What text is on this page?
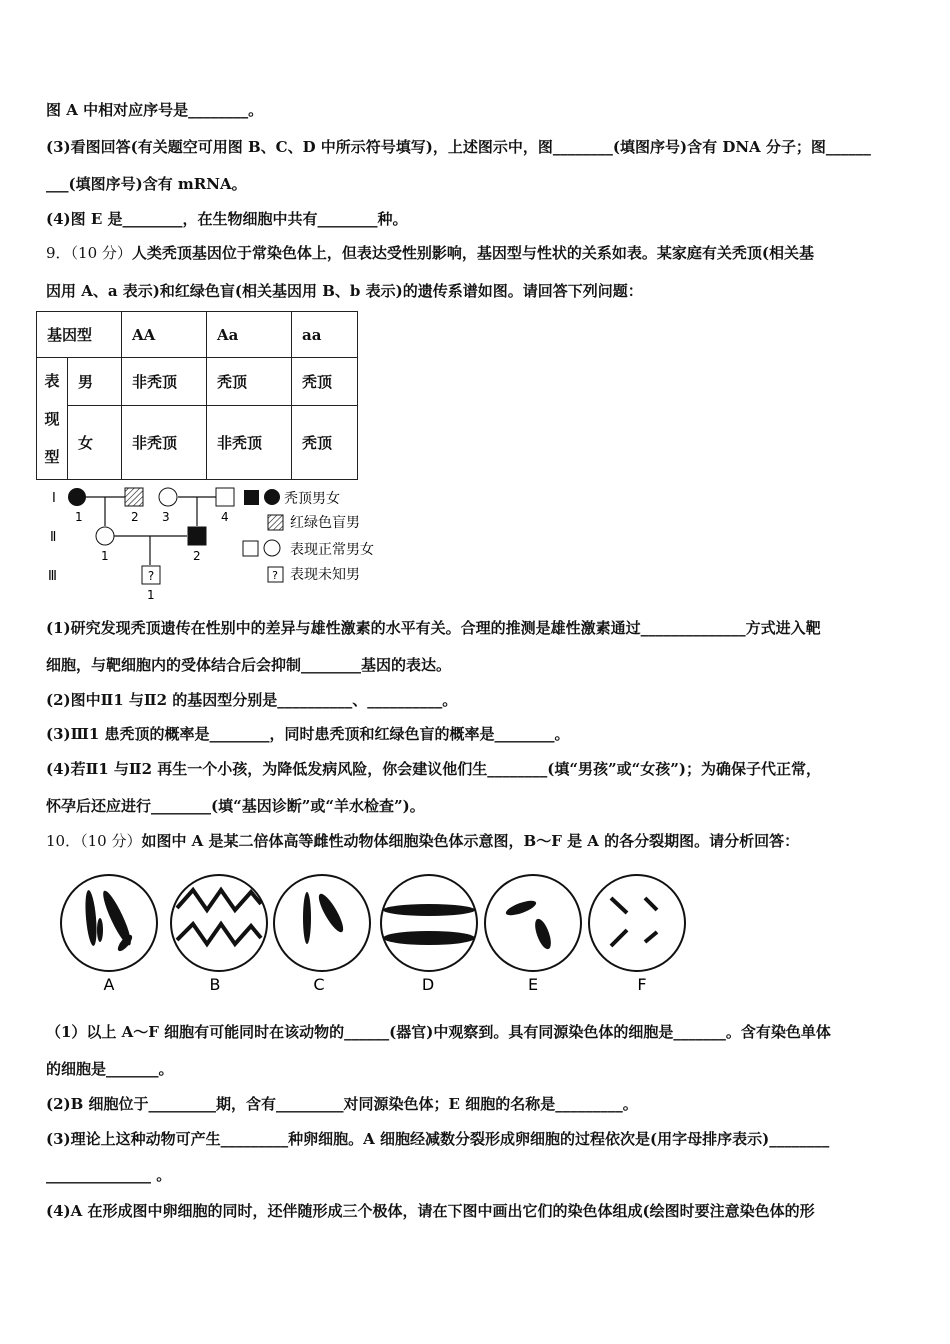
图 A 中相对应序号是________。
(3)看图回答(有关题空可用图 B、C、D 中所示符号填写)，上述图示中，图________(填图序号)含有 DNA 分子；图______
___(填图序号)含有 mRNA。
(4)图 E 是________，在生物细胞中共有________种。
9．（10 分）人类秃顶基因位于常染色体上，但表达受性别影响，基因型与性状的关系如表。某家庭有关秃顶(相关基
因用 A、a 表示)和红绿色盲(相关基因用 B、b 表示)的遗传系谱如图。请回答下列问题：
基因型		AA	Aa	aa

表
现
型	男	非秃顶	秃顶	秃顶
	女	非秃顶	非秃顶	秃顶
?
Ⅰ
Ⅱ
Ⅲ
1	2 3	4
1	2
1
秃顶男女
红绿色盲男
表现正常男女
? 表现未知男
(1)研究发现秃顶遗传在性别中的差异与雄性激素的水平有关。合理的推测是雄性激素通过______________方式进入靶
细胞，与靶细胞内的受体结合后会抑制________基因的表达。
(2)图中Ⅱ1 与Ⅱ2 的基因型分别是__________、__________。
(3)Ⅲ1 患秃顶的概率是________，同时患秃顶和红绿色盲的概率是________。
(4)若Ⅱ1 与Ⅱ2 再生一个小孩，为降低发病风险，你会建议他们生________(填“男孩”或“女孩”)；为确保子代正常，
怀孕后还应进行________(填“基因诊断”或“羊水检查”)。
10．（10 分）如图中 A 是某二倍体高等雌性动物体细胞染色体示意图，B～F 是 A 的各分裂期图。请分析回答：
A	B	C	D	E	F
（1）以上 A～F 细胞有可能同时在该动物的______(器官)中观察到。具有同源染色体的细胞是_______。含有染色单体
的细胞是_______。
(2)B 细胞位于_________期，含有_________对同源染色体；E 细胞的名称是_________。
(3)理论上这种动物可产生_________种卵细胞。A 细胞经减数分裂形成卵细胞的过程依次是(用字母排序表示)________
______________ 。
(4)A 在形成图中卵细胞的同时，还伴随形成三个极体，请在下图中画出它们的染色体组成(绘图时要注意染色体的形
